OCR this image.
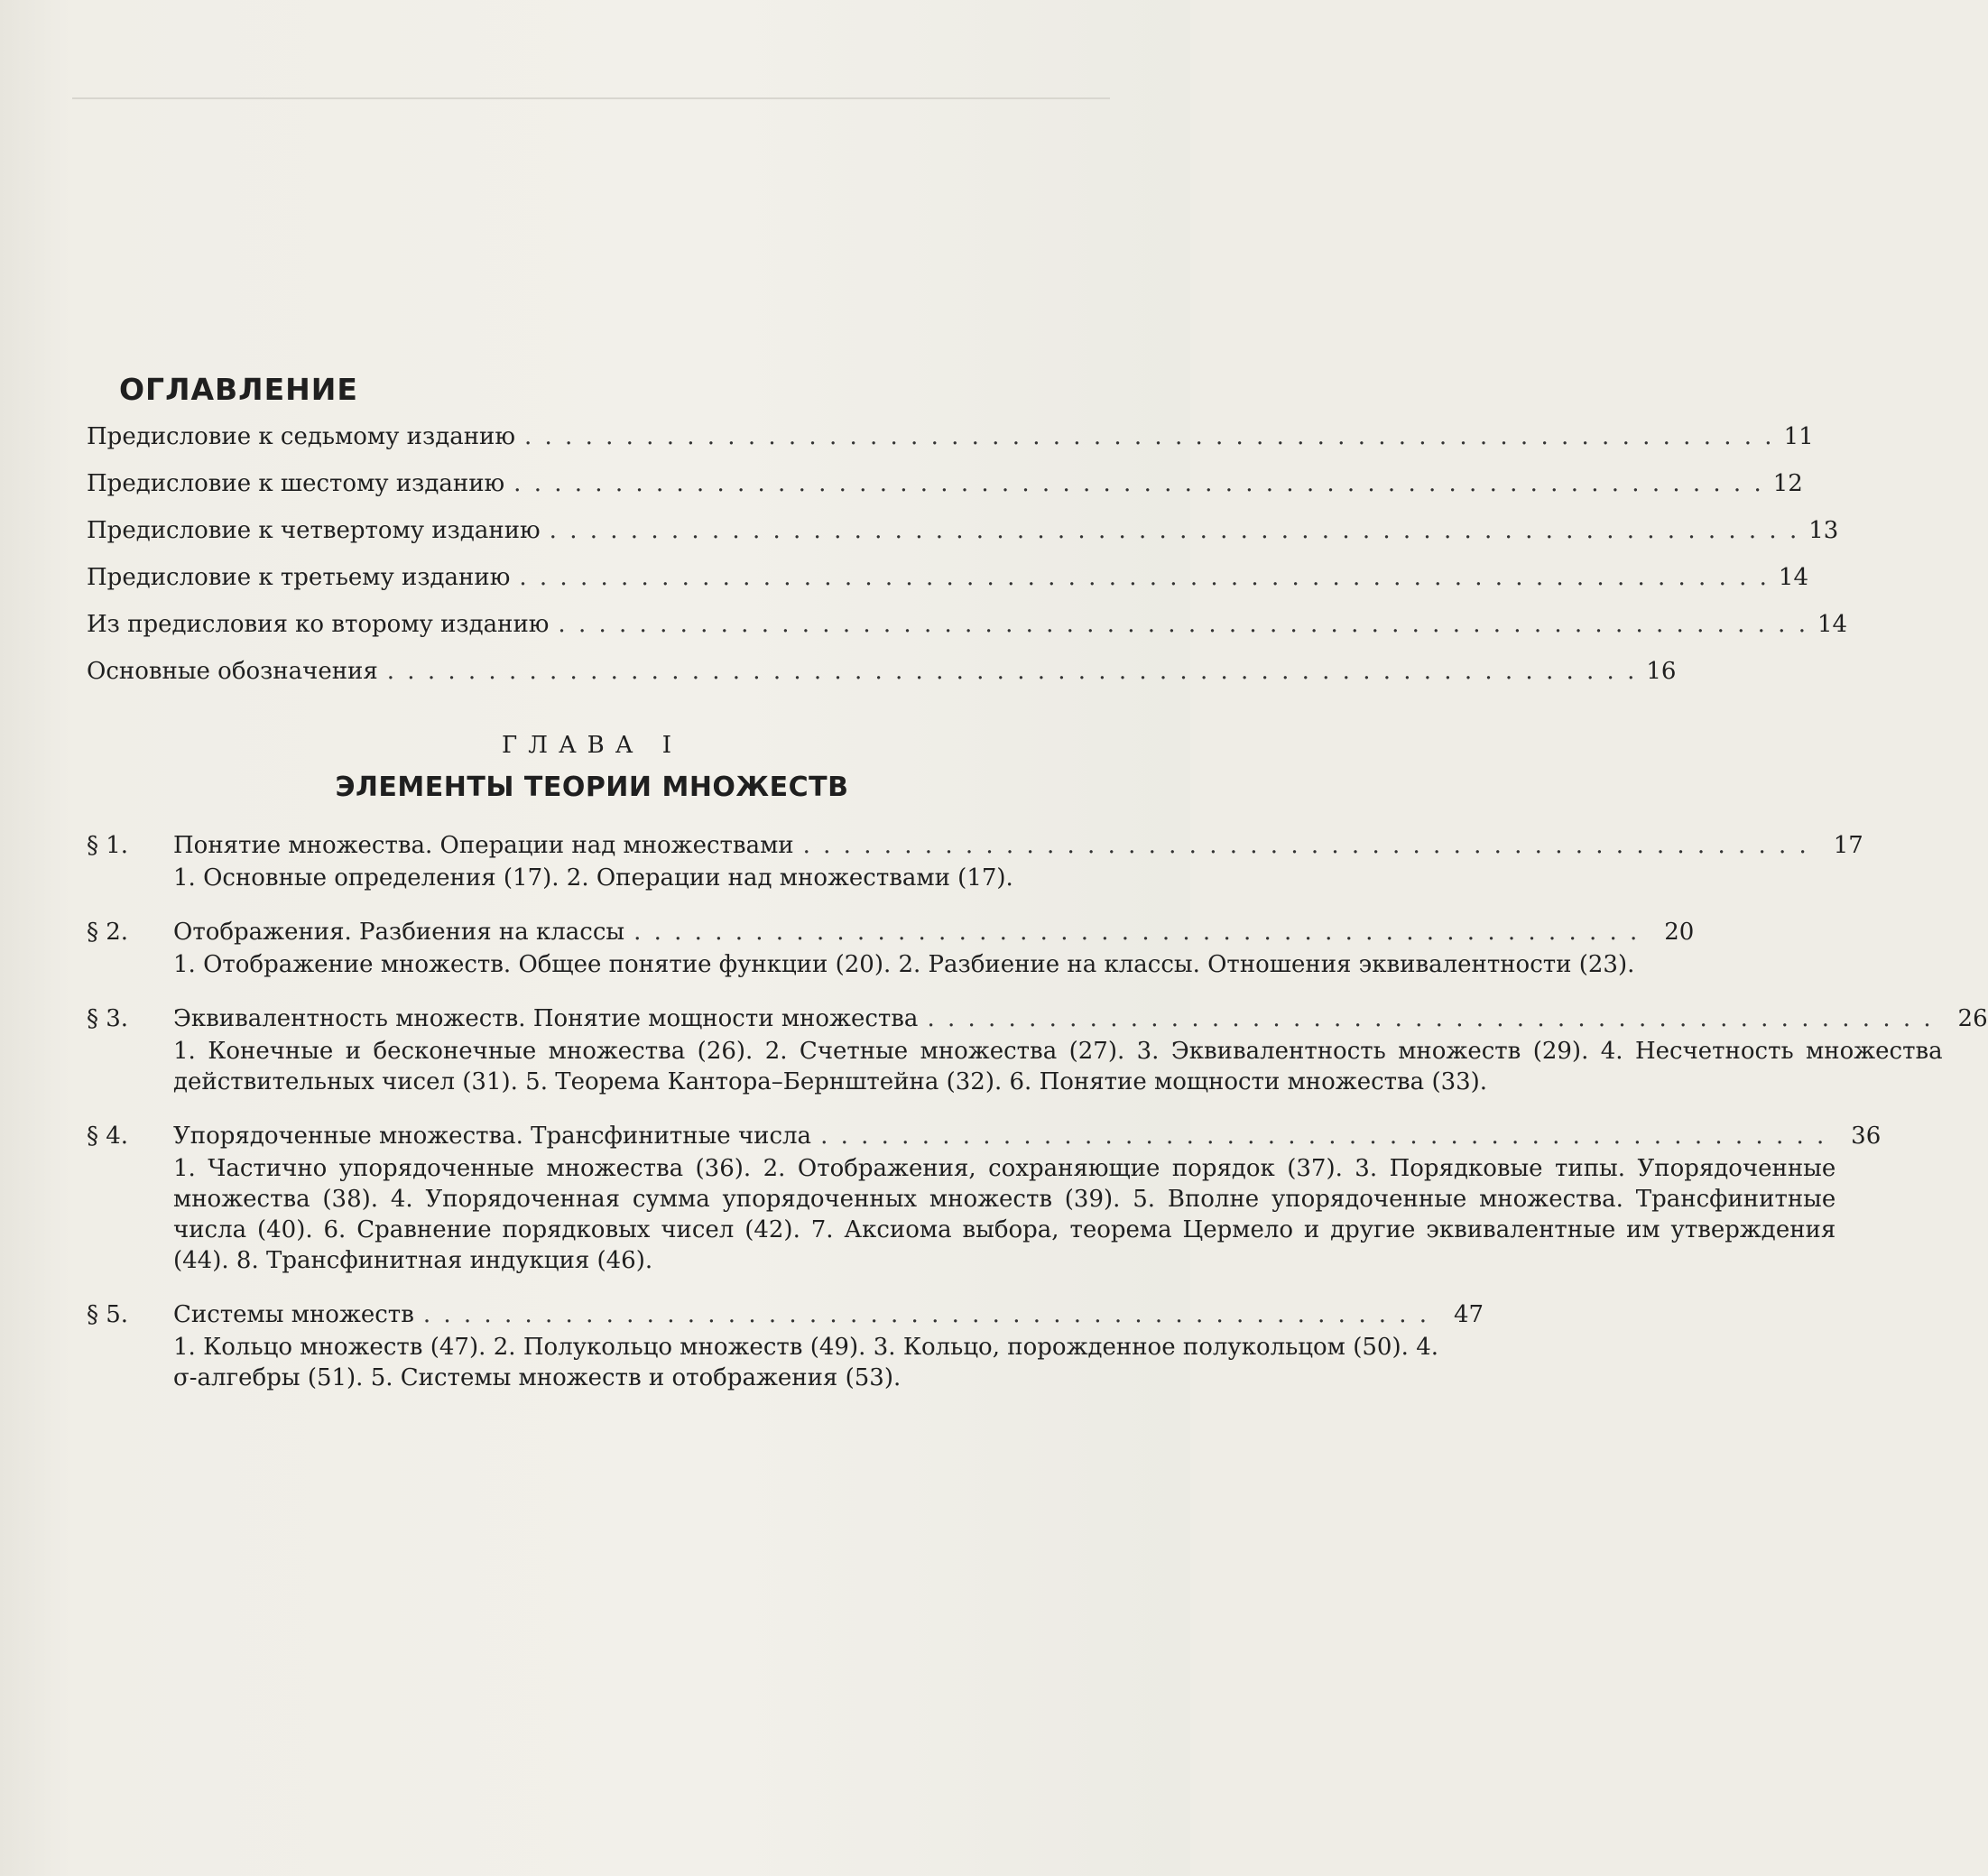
ОГЛАВЛЕНИЕ
Предисловие к седьмому изданию . . . . . . . . . . . . . . . . . . . . . . . . . . . . . . . . . . . . . . . . . . . . . . . . . . . . . . . . . . . . . . 11
Предисловие к шестому изданию . . . . . . . . . . . . . . . . . . . . . . . . . . . . . . . . . . . . . . . . . . . . . . . . . . . . . . . . . . . . . . 12
Предисловие к четвертому изданию . . . . . . . . . . . . . . . . . . . . . . . . . . . . . . . . . . . . . . . . . . . . . . . . . . . . . . . . . . . . . . 13
Предисловие к третьему изданию . . . . . . . . . . . . . . . . . . . . . . . . . . . . . . . . . . . . . . . . . . . . . . . . . . . . . . . . . . . . . . 14
Из предисловия ко второму изданию . . . . . . . . . . . . . . . . . . . . . . . . . . . . . . . . . . . . . . . . . . . . . . . . . . . . . . . . . . . . . . 14
Основные обозначения . . . . . . . . . . . . . . . . . . . . . . . . . . . . . . . . . . . . . . . . . . . . . . . . . . . . . . . . . . . . . . 16
ГЛАВА I
ЭЛЕМЕНТЫ ТЕОРИИ МНОЖЕСТВ
§ 1.	Понятие множества. Операции над множествами . . . . . . . . . . . . . . . . . . . . . . . . . . . . . . . . . . . . . . . . . . . . . . . . . .	17
1. Основные определения (17). 2. Операции над множествами (17).
§ 2.	Отображения. Разбиения на классы . . . . . . . . . . . . . . . . . . . . . . . . . . . . . . . . . . . . . . . . . . . . . . . . . .	20
1. Отображение множеств. Общее понятие функции (20). 2. Разбиение на классы. Отношения эквивалентности (23).
§ 3.	Эквивалентность множеств. Понятие мощности множества . . . . . . . . . . . . . . . . . . . . . . . . . . . . . . . . . . . . . . . . . . . . . . . . . .	26
1. Конечные и бесконечные множества (26). 2. Счетные множества (27). 3. Эквивалентность множеств (29). 4. Несчетность множества действительных чисел (31). 5. Теорема Кантора–Бернштейна (32). 6. Понятие мощности множества (33).
§ 4.	Упорядоченные множества. Трансфинитные числа . . . . . . . . . . . . . . . . . . . . . . . . . . . . . . . . . . . . . . . . . . . . . . . . . .	36
1. Частично упорядоченные множества (36). 2. Отображения, сохраняющие порядок (37). 3. Порядковые типы. Упорядоченные множества (38). 4. Упорядоченная сумма упорядоченных множеств (39). 5. Вполне упорядоченные множества. Трансфинитные числа (40). 6. Сравнение порядковых чисел (42). 7. Аксиома выбора, теорема Цермело и другие эквивалентные им утверждения (44). 8. Трансфинитная индукция (46).
§ 5.	Системы множеств . . . . . . . . . . . . . . . . . . . . . . . . . . . . . . . . . . . . . . . . . . . . . . . . . .	47
1. Кольцо множеств (47). 2. Полукольцо множеств (49). 3. Кольцо, порожденное полукольцом (50). 4. σ-алгебры (51). 5. Системы множеств и отображения (53).
